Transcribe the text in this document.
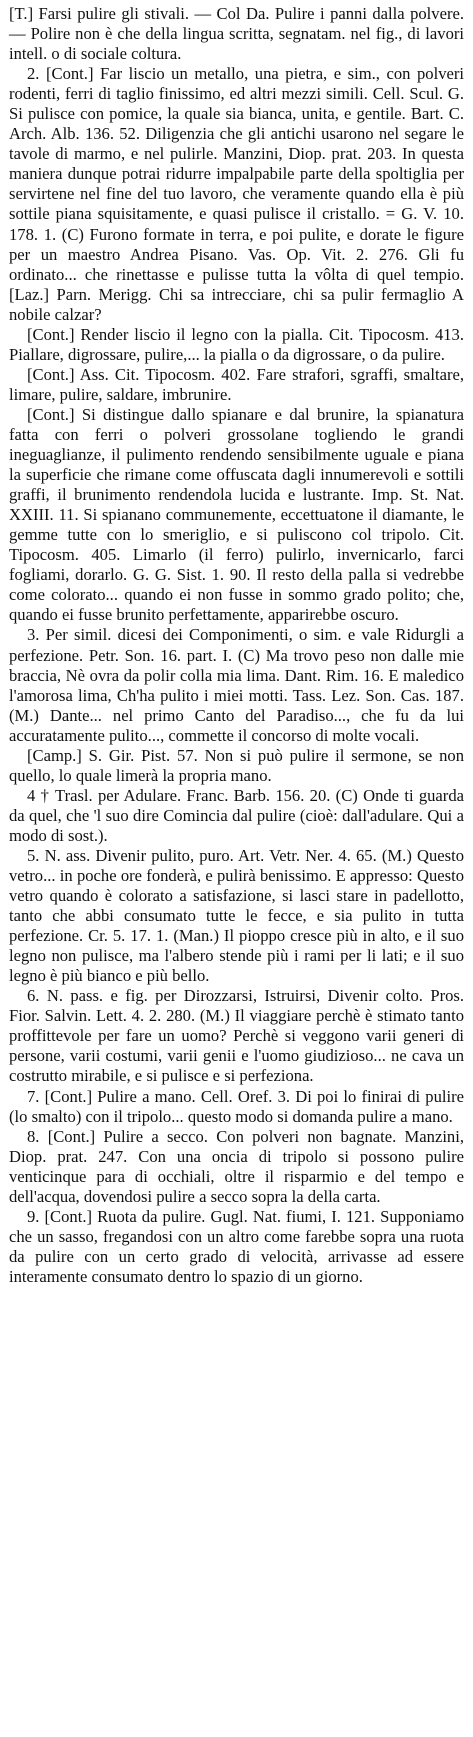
[T.] Farsi pulire gli stivali. — Col Da. Pulire i panni dalla polvere. — Polire non è che della lingua scritta, segnatam. nel fig., di lavori intell. o di sociale coltura.

2. [Cont.] Far liscio un metallo, una pietra, e sim., con polveri rodenti, ferri di taglio finissimo, ed altri mezzi simili. Cell. Scul. G. Si pulisce con pomice, la quale sia bianca, unita, e gentile. Bart. C. Arch. Alb. 136. 52. Diligenzia che gli antichi usarono nel segare le tavole di marmo, e nel pulirle. Manzini, Diop. prat. 203. In questa maniera dunque potrai ridurre impalpabile parte della spoltiglia per servirtene nel fine del tuo lavoro, che veramente quando ella è più sottile piana squisitamente, e quasi pulisce il cristallo. = G. V. 10. 178. 1. (C) Furono formate in terra, e poi pulite, e dorate le figure per un maestro Andrea Pisano. Vas. Op. Vit. 2. 276. Gli fu ordinato... che rinettasse e pulisse tutta la vôlta di quel tempio. [Laz.] Parn. Merigg. Chi sa intrecciare, chi sa pulir fermaglio A nobile calzar?

[Cont.] Render liscio il legno con la pialla. Cit. Tipocosm. 413. Piallare, digrossare, pulire,... la pialla o da digrossare, o da pulire.

[Cont.] Ass. Cit. Tipocosm. 402. Fare strafori, sgraffi, smaltare, limare, pulire, saldare, imbrunire.

[Cont.] Si distingue dallo spianare e dal brunire, la spianatura fatta con ferri o polveri grossolane togliendo le grandi ineguaglianze, il pulimento rendendo sensibilmente uguale e piana la superficie che rimane come offuscata dagli innumerevoli e sottili graffi, il brunimento rendendola lucida e lustrante. Imp. St. Nat. XXIII. 11. Si spianano communemente, eccettuatone il diamante, le gemme tutte con lo smeriglio, e si puliscono col tripolo. Cit. Tipocosm. 405. Limarlo (il ferro) pulirlo, invernicarlo, farci fogliami, dorarlo. G. G. Sist. 1. 90. Il resto della palla si vedrebbe come colorato... quando ei non fusse in sommo grado polito; che, quando ei fusse brunito perfettamente, apparirebbe oscuro.

3. Per simil. dicesi dei Componimenti, o sim. e vale Ridurgli a perfezione. Petr. Son. 16. part. I. (C) Ma trovo peso non dalle mie braccia, Nè ovra da polir colla mia lima. Dant. Rim. 16. E maledico l'amorosa lima, Ch'ha pulito i miei motti. Tass. Lez. Son. Cas. 187. (M.) Dante... nel primo Canto del Paradiso..., che fu da lui accuratamente pulito..., commette il concorso di molte vocali.

[Camp.] S. Gir. Pist. 57. Non si può pulire il sermone, se non quello, lo quale limerà la propria mano.

4 † Trasl. per Adulare. Franc. Barb. 156. 20. (C) Onde ti guarda da quel, che 'l suo dire Comincia dal pulire (cioè: dall'adulare. Qui a modo di sost.).

5. N. ass. Divenir pulito, puro. Art. Vetr. Ner. 4. 65. (M.) Questo vetro... in poche ore fonderà, e pulirà benissimo. E appresso: Questo vetro quando è colorato a satisfazione, si lasci stare in padellotto, tanto che abbi consumato tutte le fecce, e sia pulito in tutta perfezione. Cr. 5. 17. 1. (Man.) Il pioppo cresce più in alto, e il suo legno non pulisce, ma l'albero stende più i rami per li lati; e il suo legno è più bianco e più bello.

6. N. pass. e fig. per Dirozzarsi, Istruirsi, Divenir colto. Pros. Fior. Salvin. Lett. 4. 2. 280. (M.) Il viaggiare perchè è stimato tanto proffittevole per fare un uomo? Perchè si veggono varii generi di persone, varii costumi, varii genii e l'uomo giudizioso... ne cava un costrutto mirabile, e si pulisce e si perfeziona.

7. [Cont.] Pulire a mano. Cell. Oref. 3. Di poi lo finirai di pulire (lo smalto) con il tripolo... questo modo si domanda pulire a mano.

8. [Cont.] Pulire a secco. Con polveri non bagnate. Manzini, Diop. prat. 247. Con una oncia di tripolo si possono pulire venticinque para di occhiali, oltre il risparmio e del tempo e dell'acqua, dovendosi pulire a secco sopra la della carta.

9. [Cont.] Ruota da pulire. Gugl. Nat. fiumi, I. 121. Supponiamo che un sasso, fregandosi con un altro come farebbe sopra una ruota da pulire con un certo grado di velocità, arrivasse ad essere interamente consumato dentro lo spazio di un giorno.
